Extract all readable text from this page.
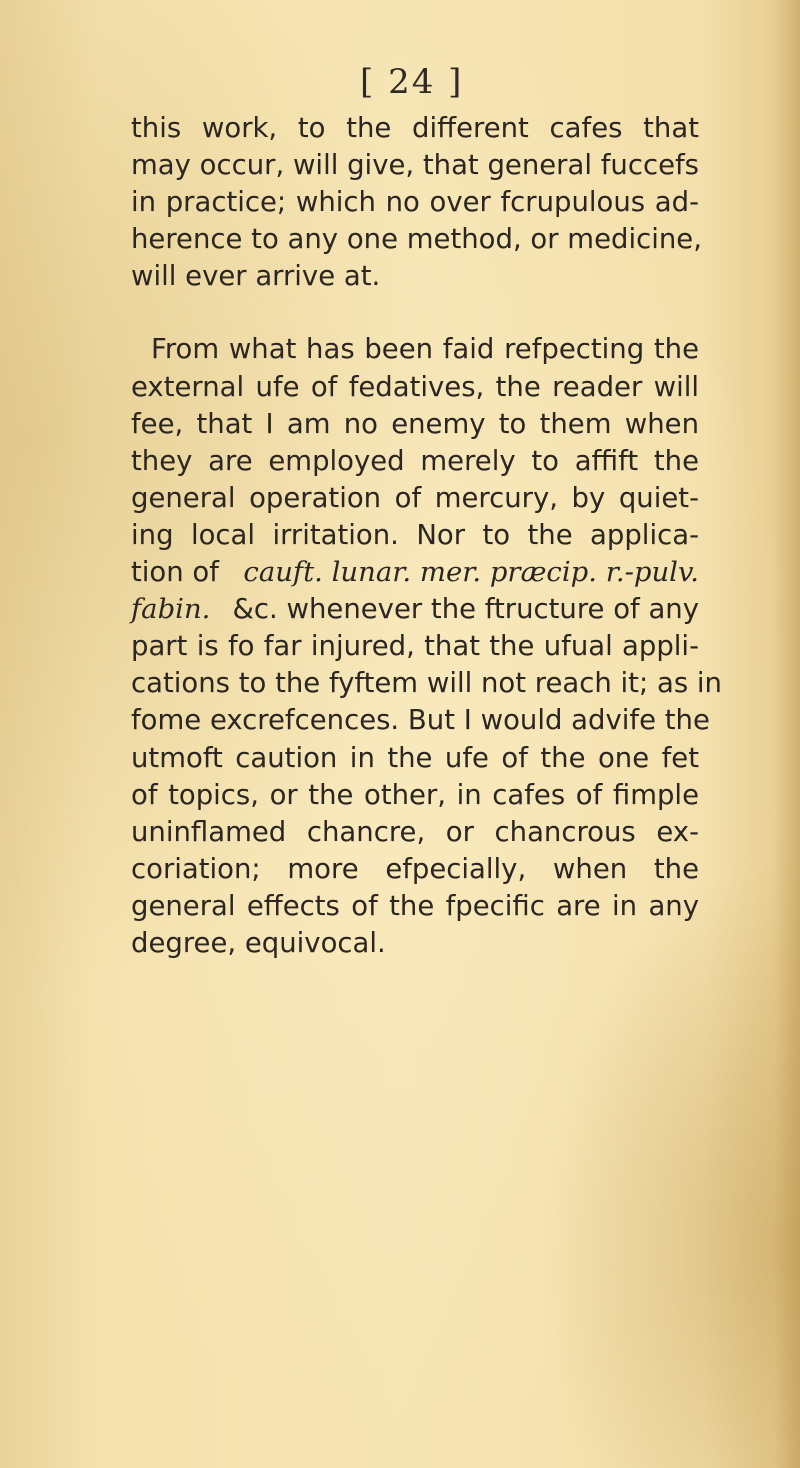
[ 24 ]
this work, to the different cafes that
may occur, will give, that general fuccefs
in practice; which no over fcrupulous ad-
herence to any one method, or medicine,
will ever arrive at.
From what has been faid refpecting the
external ufe of fedatives, the reader will
fee, that I am no enemy to them when
they are employed merely to affift the
general operation of mercury, by quiet-
ing local irritation. Nor to the applica-
tion of cauft. lunar. mer. præcip. r.-pulv.
fabin. &c. whenever the ftructure of any
part is fo far injured, that the ufual appli-
cations to the fyftem will not reach it; as in
fome excrefcences. But I would advife the
utmoft caution in the ufe of the one fet
of topics, or the other, in cafes of fimple
uninflamed chancre, or chancrous ex-
coriation; more efpecially, when the
general effects of the fpecific are in any
degree, equivocal.
